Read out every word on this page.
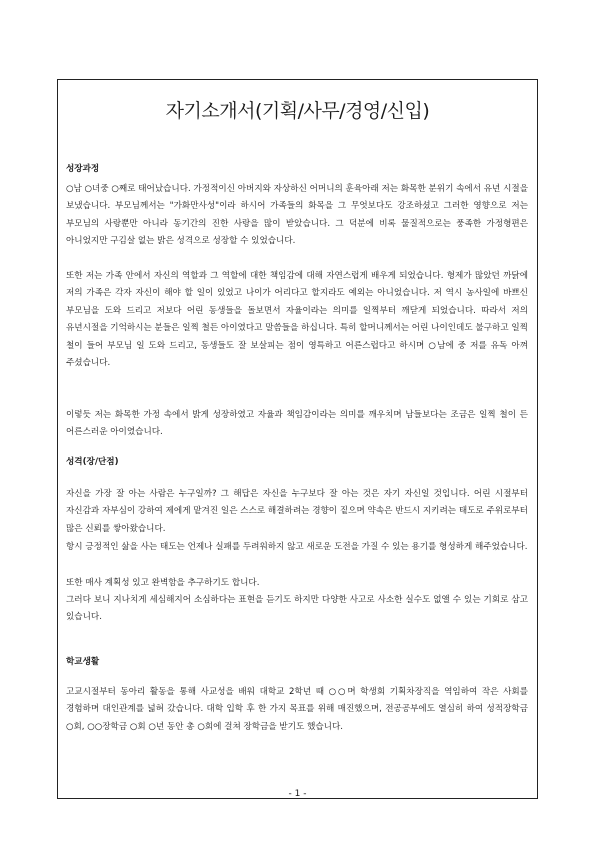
자기소개서(기획/사무/경영/신입)

성장과정

○남 ○녀중 ○째로 태어났습니다. 가정적이신 아버지와 자상하신 어머니의 훈육아래 저는 화목한 분위기 속에서 유년 시절을 보냈습니다. 부모님께서는 "가화만사성"이라 하시어 가족들의 화목을 그 무엇보다도 강조하셨고 그러한 영향으로 저는 부모님의 사랑뿐만 아니라 동기간의 진한 사랑을 많이 받았습니다. 그 덕분에 비록 물질적으로는 풍족한 가정형편은 아니었지만 구김살 없는 밝은 성격으로 성장할 수 있었습니다.

또한 저는 가족 안에서 자신의 역할과 그 역할에 대한 책임감에 대해 자연스럽게 배우게 되었습니다. 형제가 많았던 까닭에 저의 가족은 각자 자신이 해야 할 일이 있었고 나이가 어리다고 할지라도 예외는 아니었습니다. 저 역시 농사일에 바쁘신 부모님을 도와 드리고 저보다 어린 동생들을 돌보면서 자율이라는 의미를 일찍부터 깨닫게 되었습니다. 따라서 저의 유년시절을 기억하시는 분들은 일찍 철든 아이였다고 말씀들을 하십니다. 특히 할머니께서는 어린 나이인데도 불구하고 일찍 철이 들어 부모님 일 도와 드리고, 동생들도 잘 보살피는 점이 영특하고 어른스럽다고 하시며 ○남에 중 저를 유독 아껴 주셨습니다.

이렇듯 저는 화목한 가정 속에서 밝게 성장하였고 자율과 책임감이라는 의미를 깨우치며 남들보다는 조금은 일찍 철이 든 어른스러운 아이였습니다.

성격(장/단점)

자신을 가장 잘 아는 사람은 누구일까? 그 해답은 자신을 누구보다 잘 아는 것은 자기 자신일 것입니다. 어린 시절부터 자신감과 자부심이 강하여 제에게 맡겨진 일은 스스로 해결하려는 경향이 짙으며 약속은 반드시 지키려는 태도로 주위로부터 많은 신뢰를 쌓아왔습니다.

항시 긍정적인 삶을 사는 태도는 언제나 실패를 두려워하지 않고 새로운 도전을 가질 수 있는 용기를 형성하게 해주었습니다.

또한 매사 계획성 있고 완벽함을 추구하기도 합니다.

그러다 보니 지나치게 세심해지어 소심하다는 표현을 듣기도 하지만 다양한 사고로 사소한 실수도 없앨 수 있는 기회로 삼고 있습니다.

학교생활

고교시절부터 동아리 활동을 통해 사교성을 배워 대학교 2학년 때 ○○며 학생회 기획차장직을 역임하여 작은 사회를 경험하며 대인관계를 넓혀 갔습니다. 대학 입학 후 한 가지 목표를 위해 매진했으며, 전공공부에도 열심히 하여 성적장학금 ○회, ○○장학금 ○회 ○년 동안 총 ○회에 걸쳐 장학금을 받기도 했습니다.

- 1 -
